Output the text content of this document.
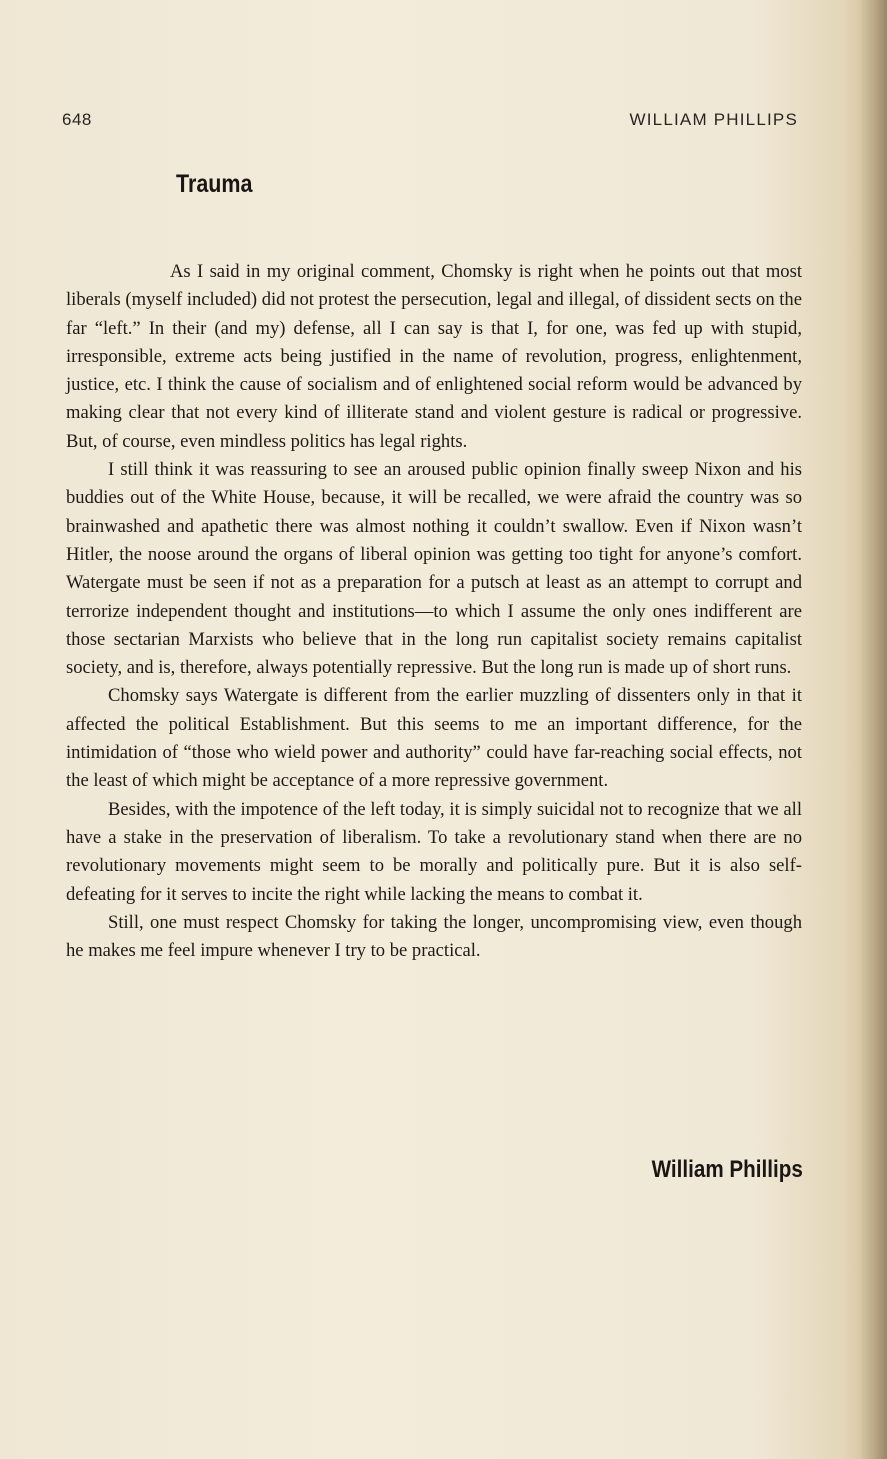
648	WILLIAM PHILLIPS
Trauma

As I said in my original comment, Chomsky is right when he points out that most liberals (myself included) did not protest the persecution, legal and illegal, of dissident sects on the far “left.” In their (and my) defense, all I can say is that I, for one, was fed up with stupid, irresponsible, extreme acts being justified in the name of revolution, progress, enlightenment, justice, etc. I think the cause of socialism and of enlightened social reform would be advanced by making clear that not every kind of illiterate stand and violent gesture is radical or progressive. But, of course, even mindless politics has legal rights.

I still think it was reassuring to see an aroused public opinion finally sweep Nixon and his buddies out of the White House, because, it will be recalled, we were afraid the country was so brainwashed and apathetic there was almost nothing it couldn’t swallow. Even if Nixon wasn’t Hitler, the noose around the organs of liberal opinion was getting too tight for anyone’s comfort. Watergate must be seen if not as a preparation for a putsch at least as an attempt to corrupt and terrorize independent thought and institutions—to which I assume the only ones indifferent are those sectarian Marxists who believe that in the long run capitalist society remains capitalist society, and is, therefore, always potentially repressive. But the long run is made up of short runs.

Chomsky says Watergate is different from the earlier muzzling of dissenters only in that it affected the political Establishment. But this seems to me an important difference, for the intimidation of “those who wield power and authority” could have far-reaching social effects, not the least of which might be acceptance of a more repressive government.

Besides, with the impotence of the left today, it is simply suicidal not to recognize that we all have a stake in the preservation of liberalism. To take a revolutionary stand when there are no revolutionary movements might seem to be morally and politically pure. But it is also self-defeating for it serves to incite the right while lacking the means to combat it.

Still, one must respect Chomsky for taking the longer, uncompromising view, even though he makes me feel impure whenever I try to be practical.

William Phillips
